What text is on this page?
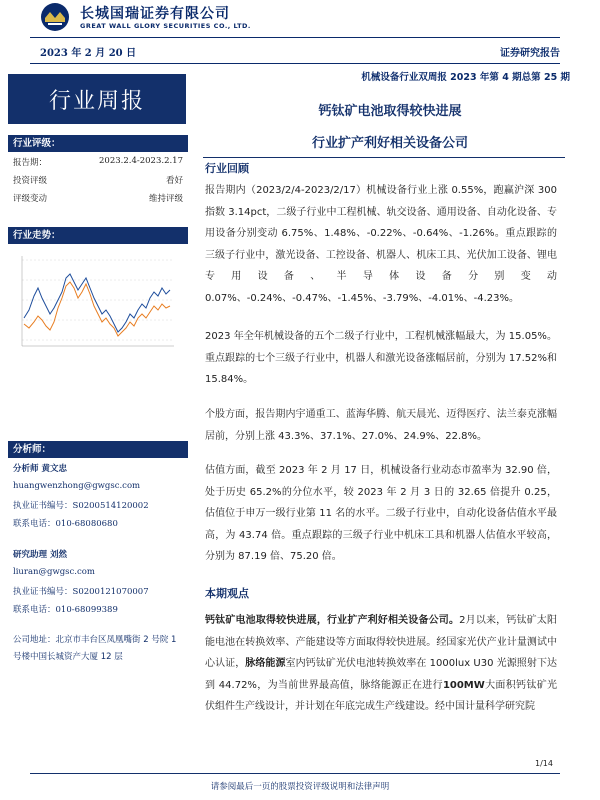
长城国瑞证券有限公司
GREAT WALL GLORY SECURITIES CO., LTD.
2023 年 2 月 20 日	证券研究报告
机械设备行业双周报 2023 年第 4 期总第 25 期
行业周报
行业评级：
报告期：	2023.2.4-2023.2.17
投资评级	看好
评级变动	维持评级
行业走势：
分析师：
分析师 黄文忠
huangwenzhong@gwgsc.com
执业证书编号：S0200514120002
联系电话：010-68080680
研究助理 刘然
liuran@gwgsc.com
执业证书编号：S0200121070007
联系电话：010-68099389
公司地址：北京市丰台区凤凰嘴街 2 号院 1 号楼中国长城资产大厦 12 层
钙钛矿电池取得较快进展
行业扩产利好相关设备公司
行业回顾
报告期内（2023/2/4-2023/2/17）机械设备行业上涨 0.55%，跑赢沪深 300 指数 3.14pct，二级子行业中工程机械、轨交设备、通用设备、自动化设备、专用设备分别变动 6.75%、1.48%、-0.22%、-0.64%、-1.26%。重点跟踪的三级子行业中，激光设备、工控设备、机器人、机床工具、光伏加工设备、锂电专用设备、半导体设备分别变动 0.07%、-0.24%、-0.47%、-1.45%、-3.79%、-4.01%、-4.23%。
2023 年全年机械设备的五个二级子行业中，工程机械涨幅最大，为 15.05%。重点跟踪的七个三级子行业中，机器人和激光设备涨幅居前，分别为 17.52%和 15.84%。
个股方面，报告期内宇通重工、蓝海华腾、航天晨光、迈得医疗、法兰泰克涨幅居前，分别上涨 43.3%、37.1%、27.0%、24.9%、22.8%。
估值方面，截至 2023 年 2 月 17 日，机械设备行业动态市盈率为 32.90 倍，处于历史 65.2%的分位水平，较 2023 年 2 月 3 日的 32.65 倍提升 0.25，估值位于申万一级行业第 11 名的水平。二级子行业中，自动化设备估值水平最高，为 43.74 倍。重点跟踪的三级子行业中机床工具和机器人估值水平较高，分别为 87.19 倍、75.20 倍。
本期观点
钙钛矿电池取得较快进展，行业扩产利好相关设备公司。2月以来，钙钛矿太阳能电池在转换效率、产能建设等方面取得较快进展。经国家光伏产业计量测试中心认证，脉络能源室内钙钛矿光伏电池转换效率在 1000lux U30 光源照射下达到 44.72%，为当前世界最高值，脉络能源正在进行100MW大面积钙钛矿光伏组件生产线设计，并计划在年底完成生产线建设。经中国计量科学研究院
1/14
请参阅最后一页的股票投资评级说明和法律声明
